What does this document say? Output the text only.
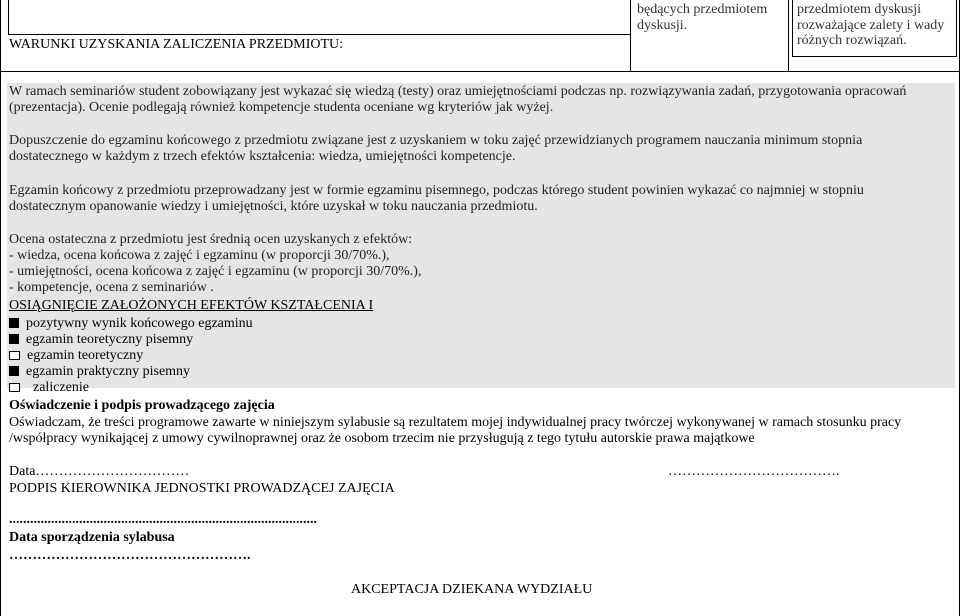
WARUNKI UZYSKANIA ZALICZENIA PRZEDMIOTU:
będących przedmiotem
dyskusji.
przedmiotem dyskusji
rozważające zalety i wady
różnych rozwiązań.
W ramach seminariów student zobowiązany jest wykazać się wiedzą (testy) oraz umiejętnościami podczas np. rozwiązywania zadań, przygotowania opracowań
(prezentacja). Ocenie podlegają również kompetencje studenta oceniane wg kryteriów jak wyżej.
Dopuszczenie do egzaminu końcowego z przedmiotu związane jest z uzyskaniem w toku zajęć przewidzianych programem nauczania minimum stopnia
dostatecznego w każdym z trzech efektów kształcenia: wiedza, umiejętności kompetencje.
Egzamin końcowy z przedmiotu przeprowadzany jest w formie egzaminu pisemnego, podczas którego student powinien wykazać co najmniej w stopniu
dostatecznym opanowanie wiedzy i umiejętności, które uzyskał w toku nauczania przedmiotu.
Ocena ostateczna z przedmiotu jest średnią ocen uzyskanych z efektów:
- wiedza, ocena końcowa z zajęć i egzaminu (w proporcji 30/70%.),
- umiejętności, ocena końcowa z zajęć i egzaminu (w proporcji 30/70%.),
- kompetencje, ocena z seminariów .
OSIĄGNIĘCIE ZAŁOŻONYCH EFEKTÓW KSZTAŁCENIA I
pozytywny wynik końcowego egzaminu
egzamin teoretyczny pisemny
egzamin teoretyczny
egzamin praktyczny pisemny
zaliczenie
Oświadczenie i podpis prowadzącego zajęcia
Oświadczam, że treści programowe zawarte w niniejszym sylabusie są rezultatem mojej indywidualnej pracy twórczej wykonywanej w ramach stosunku pracy
/współpracy wynikającej z umowy cywilnoprawnej oraz że osobom trzecim nie przysługują z tego tytułu autorskie prawa majątkowe
Data……………………………	……………………………….
PODPIS KIEROWNIKA JEDNOSTKI PROWADZĄCEJ ZAJĘCIA
........................................................................................
Data sporządzenia sylabusa
…………………………………………….
AKCEPTACJA DZIEKANA WYDZIAŁU
